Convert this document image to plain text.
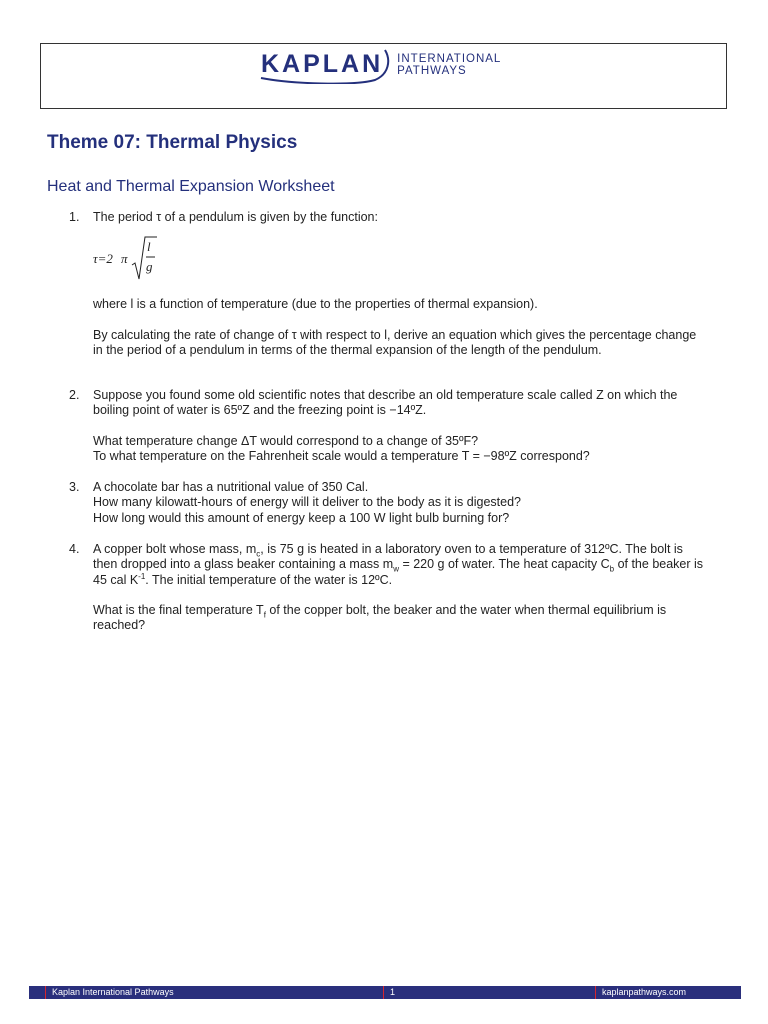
KAPLAN	INTERNATIONAL
PATHWAYS
Theme 07: Thermal Physics
Heat and Thermal Expansion Worksheet
1. The period τ of a pendulum is given by the function:

τ=2 π
l
g

where l is a function of temperature (due to the properties of thermal expansion).

By calculating the rate of change of τ with respect to l, derive an equation which gives the percentage change in the period of a pendulum in terms of the thermal expansion of the length of the pendulum.

2. Suppose you found some old scientific notes that describe an old temperature scale called Z on which the boiling point of water is 65ºZ and the freezing point is −14ºZ.

What temperature change ΔT would correspond to a change of 35ºF?

To what temperature on the Fahrenheit scale would a temperature T = −98ºZ correspond?

3. A chocolate bar has a nutritional value of 350 Cal.

How many kilowatt-hours of energy will it deliver to the body as it is digested?

How long would this amount of energy keep a 100 W light bulb burning for?

4. A copper bolt whose mass, $m_c$, is 75 g is heated in a laboratory oven to a temperature of 312ºC. The bolt is then dropped into a glass beaker containing a mass $m_w = 220$ g of water. The heat capacity $C_b$ of the beaker is 45 cal $K^{-1}$. The initial temperature of the water is 12ºC.

What is the final temperature $T_f$ of the copper bolt, the beaker and the water when thermal equilibrium is reached?

Kaplan International Pathways	1	kaplanpathways.com
